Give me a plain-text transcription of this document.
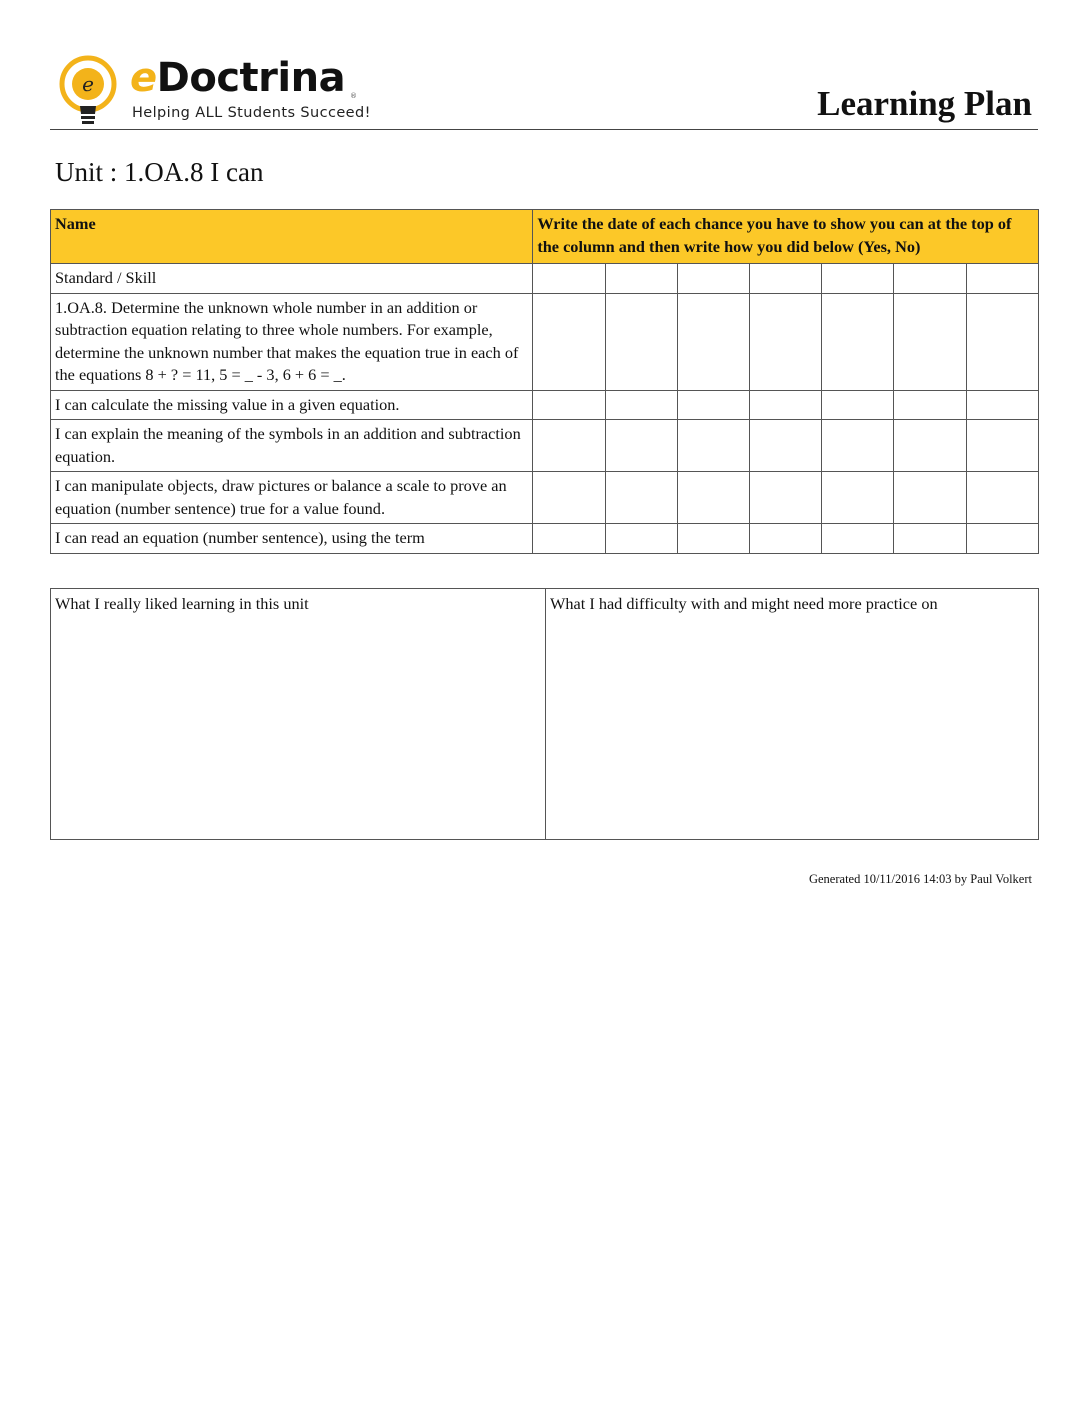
e eDoctrina ®
Helping ALL Students Succeed!	Learning Plan
Unit : 1.OA.8 I can
Name	Write the date of each chance you have to show you can at the top of the column and then write how you did below (Yes, No)						
Standard / Skill							
1.OA.8. Determine the unknown whole number in an addition or subtraction equation relating to three whole numbers. For example, determine the unknown number that makes the equation true in each of the equations 8 + ? = 11, 5 = _ - 3, 6 + 6 = _.							
I can calculate the missing value in a given equation.							
I can explain the meaning of the symbols in an addition and subtraction equation.							
I can manipulate objects, draw pictures or balance a scale to prove an equation (number sentence) true for a value found.							
I can read an equation (number sentence), using the term							
What I really liked learning in this unit	What I had difficulty with and might need more practice on
Generated 10/11/2016 14:03 by Paul Volkert
